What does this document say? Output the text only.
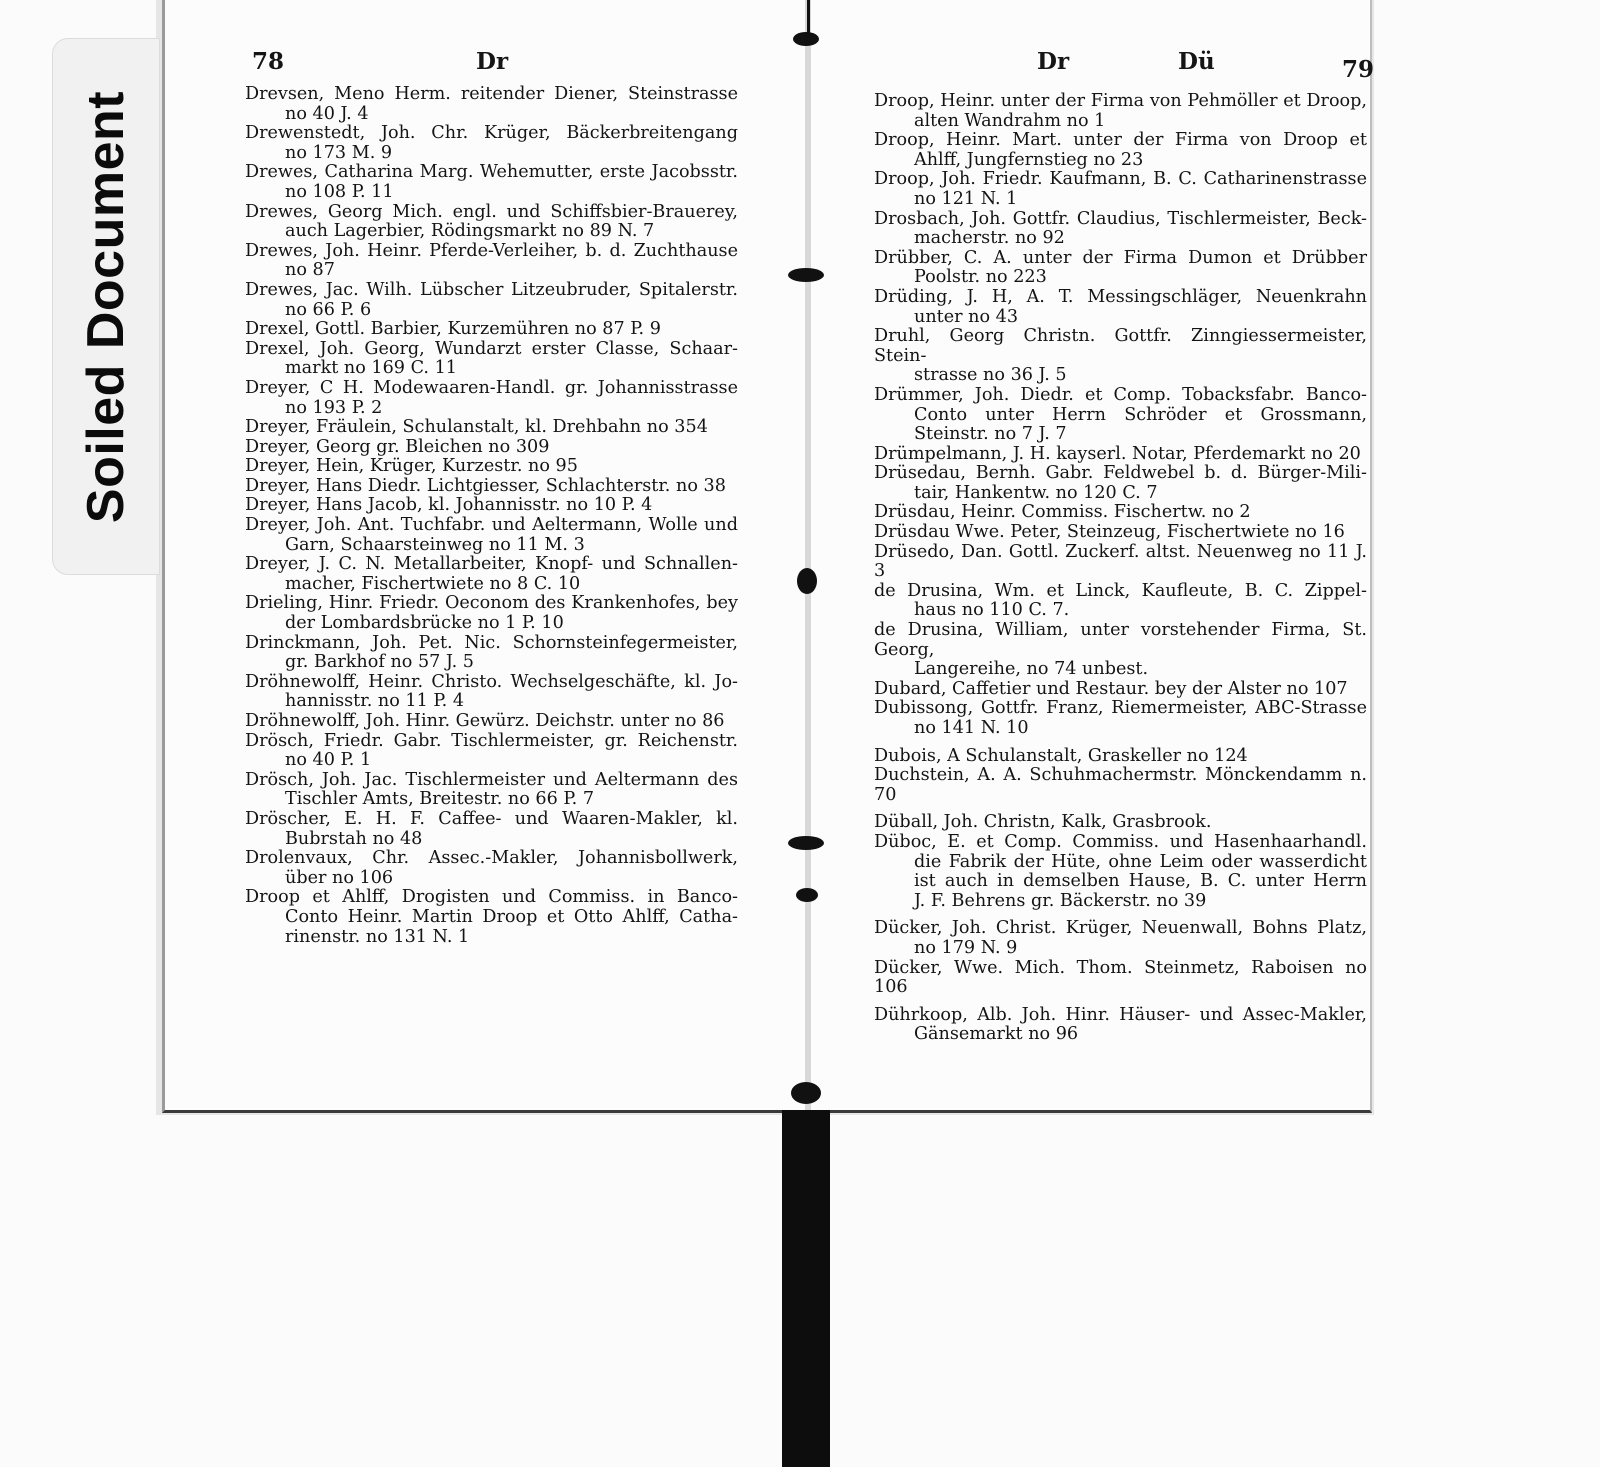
Soiled Document
78	Dr	Dr	Dü	79
Drevsen, Meno Herm. reitender Diener, Steinstrasse
no 40 J. 4
Drewenstedt, Joh. Chr. Krüger, Bäckerbreitengang
no 173 M. 9
Drewes, Catharina Marg. Wehemutter, erste Jacobsstr.
no 108 P. 11
Drewes, Georg Mich. engl. und Schiffsbier-Brauerey,
auch Lagerbier, Rödingsmarkt no 89 N. 7
Drewes, Joh. Heinr. Pferde-Verleiher, b. d. Zuchthause
no 87
Drewes, Jac. Wilh. Lübscher Litzeubruder, Spitalerstr.
no 66 P. 6
Drexel, Gottl. Barbier, Kurzemühren no 87 P. 9
Drexel, Joh. Georg, Wundarzt erster Classe, Schaar-
markt no 169 C. 11
Dreyer, C H. Modewaaren-Handl. gr. Johannisstrasse
no 193 P. 2
Dreyer, Fräulein, Schulanstalt, kl. Drehbahn no 354
Dreyer, Georg gr. Bleichen no 309
Dreyer, Hein, Krüger, Kurzestr. no 95
Dreyer, Hans Diedr. Lichtgiesser, Schlachterstr. no 38
Dreyer, Hans Jacob, kl. Johannisstr. no 10 P. 4
Dreyer, Joh. Ant. Tuchfabr. und Aeltermann, Wolle und
Garn, Schaarsteinweg no 11 M. 3
Dreyer, J. C. N. Metallarbeiter, Knopf- und Schnallen-
macher, Fischertwiete no 8 C. 10
Drieling, Hinr. Friedr. Oeconom des Krankenhofes, bey
der Lombardsbrücke no 1 P. 10
Drinckmann, Joh. Pet. Nic. Schornsteinfegermeister,
gr. Barkhof no 57 J. 5
Dröhnewolff, Heinr. Christo. Wechselgeschäfte, kl. Jo-
hannisstr. no 11 P. 4
Dröhnewolff, Joh. Hinr. Gewürz. Deichstr. unter no 86
Drösch, Friedr. Gabr. Tischlermeister, gr. Reichenstr.
no 40 P. 1
Drösch, Joh. Jac. Tischlermeister und Aeltermann des
Tischler Amts, Breitestr. no 66 P. 7
Dröscher, E. H. F. Caffee- und Waaren-Makler, kl.
Bubrstah no 48
Drolenvaux, Chr. Assec.-Makler, Johannisbollwerk,
über no 106
Droop et Ahlff, Drogisten und Commiss. in Banco-
Conto Heinr. Martin Droop et Otto Ahlff, Catha-
rinenstr. no 131 N. 1
Droop, Heinr. unter der Firma von Pehmöller et Droop,
alten Wandrahm no 1
Droop, Heinr. Mart. unter der Firma von Droop et
Ahlff, Jungfernstieg no 23
Droop, Joh. Friedr. Kaufmann, B. C. Catharinenstrasse
no 121 N. 1
Drosbach, Joh. Gottfr. Claudius, Tischlermeister, Beck-
macherstr. no 92
Drübber, C. A. unter der Firma Dumon et Drübber
Poolstr. no 223
Drüding, J. H, A. T. Messingschläger, Neuenkrahn
unter no 43
Druhl, Georg Christn. Gottfr. Zinngiessermeister, Stein-
strasse no 36 J. 5
Drümmer, Joh. Diedr. et Comp. Tobacksfabr. Banco-
Conto unter Herrn Schröder et Grossmann,
Steinstr. no 7 J. 7
Drümpelmann, J. H. kayserl. Notar, Pferdemarkt no 20
Drüsedau, Bernh. Gabr. Feldwebel b. d. Bürger-Mili-
tair, Hankentw. no 120 C. 7
Drüsdau, Heinr. Commiss. Fischertw. no 2
Drüsdau Wwe. Peter, Steinzeug, Fischertwiete no 16
Drüsedo, Dan. Gottl. Zuckerf. altst. Neuenweg no 11 J. 3
de Drusina, Wm. et Linck, Kaufleute, B. C. Zippel-
haus no 110 C. 7.
de Drusina, William, unter vorstehender Firma, St. Georg,
Langereihe, no 74 unbest.
Dubard, Caffetier und Restaur. bey der Alster no 107
Dubissong, Gottfr. Franz, Riemermeister, ABC-Strasse
no 141 N. 10
Dubois, A Schulanstalt, Graskeller no 124
Duchstein, A. A. Schuhmachermstr. Mönckendamm n. 70
Düball, Joh. Christn, Kalk, Grasbrook.
Düboc, E. et Comp. Commiss. und Hasenhaarhandl.
die Fabrik der Hüte, ohne Leim oder wasserdicht
ist auch in demselben Hause, B. C. unter Herrn
J. F. Behrens gr. Bäckerstr. no 39
Dücker, Joh. Christ. Krüger, Neuenwall, Bohns Platz,
no 179 N. 9
Dücker, Wwe. Mich. Thom. Steinmetz, Raboisen no 106
Dührkoop, Alb. Joh. Hinr. Häuser- und Assec-Makler,
Gänsemarkt no 96
